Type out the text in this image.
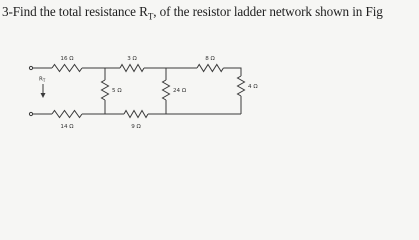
3-Find the total resistance $R_T$, of the resistor ladder network shown in Fig
$R_T$
16 Ω	3 Ω	8 Ω
5 Ω	24 Ω
4 Ω
14 Ω	9 Ω
